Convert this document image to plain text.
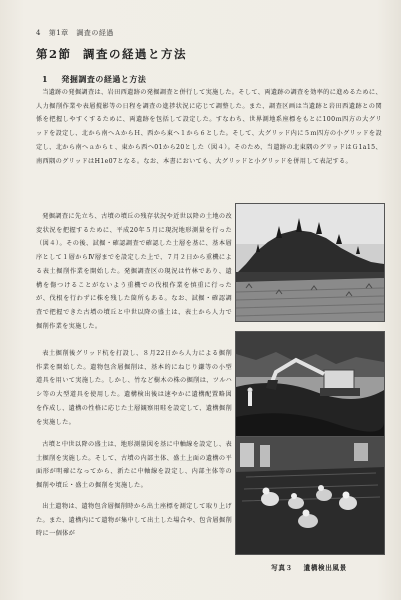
4 第1章 調査の経過
第2節 調査の経過と方法
1 発掘調査の経過と方法

当遺跡の発掘調査は、岩田西遺跡の発掘調査と併行して実施した。そして、両遺跡の調査を効率的に進めるために、人力掘削作業や表層撹影等の日程を調査の進捗状況に応じて調整した。また、調査区画は当遺跡と岩田西遺跡との関係を把握しやすくするために、両遺跡を包括して設定した。すなわち、世界測地系座標をもとに100ｍ四方の大グリッドを設定し、北から南へＡからＨ、西から東へ１から６とした。そして、大グリッド内に５ｍ四方の小グリッドを設定し、北から南へａからｔ、東から西へ01から20とした（図４）。そのため、当遺跡の北東隅のグリッドはＧ1a15、南西隅のグリッドはH1e07となる。なお、本書においても、大グリッドと小グリッドを併用して表記する。

発掘調査に先立ち、古墳の墳丘の残存状況や近世以降の土地の改変状況を把握するために、平成20年５月に現況地形測量を行った（図４）。その後、試掘・確認調査で確認した土層を基に、基本層序として１層からⅣ層までを設定した上で、７月２日から重機による表土掘削作業を開始した。発掘調査区の現況は竹林であり、遺構を傷つけることがないよう重機での伐根作業を慎重に行ったが、伐根を行わずに株を残した箇所もある。なお、試掘・確認調査で把握できた古墳の墳丘と中世以降の盛土は、表土から人力で掘削作業を実施した。

表土掘削後グリッド杭を打設し、８月22日から人力による掘削作業を開始した。遺物包含層掘削は、基本的にねじり鎌等の小型道具を用いて実施した。しかし、竹など樹木の株の掘削は、ツルハシ等の大型道具を使用した。遺構検出後は速やかに遺構配置略図を作成し、遺構の性格に応じた土層観察用畦を設定して、遺構掘削を実施した。

古墳と中世以降の盛土は、地形測量図を基に中軸線を設定し、表土掘削を実施した。そして、古墳の内部主体、盛土上面の遺構の平面形が明確になってから、新たに中軸線を設定し、内部主体等の掘削や墳丘・盛土の掘削を実施した。

出土遺物は、遺物包含層掘削時から出土座標を測定して取り上げた。また、遺構内にて遺物が集中して出土した場合や、包含層掘削時に一個体が

写真３ 遺構検出風景
